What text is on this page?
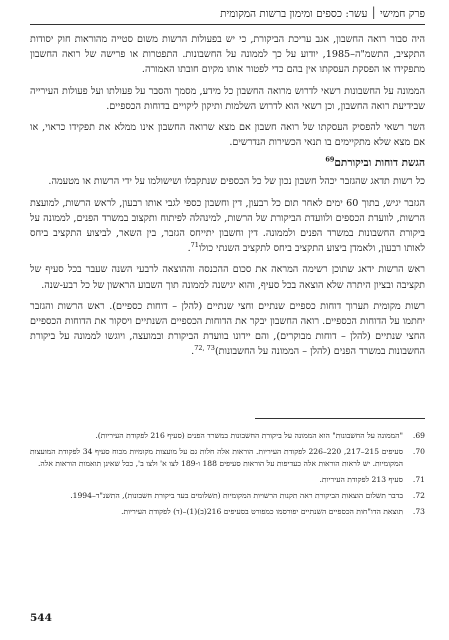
פרק חמישי ׀ עשר: כספים ומימון ברשות המקומית

היה סבור רואה החשבון, אגב עריכת הביקורת, כי יש בפעולות הרשות משום סטייה מהוראות חוק יסודות התקציב, התשמ"ה–1985, יודוע על כך לממונה על החשבונות. התפטרות או פרישה של רואה החשבון מתפקידו או הפסקת העסקתו אין בהם כדי לפטור אותו מקיום חובתו האמורה.

הממונה על החשבונות רשאי לדרוש מרואה החשבון כל מידע, מסמך והסבר על פעולתו ועל פעולות העירייה שבידיעת רואה החשבון, וכן רשאי הוא לדרוש השלמות ותיקון ליקויים בדוחות הכספיים.

השר רשאי להפסיק העסקתו של רואה חשבון אם מצא שרואה החשבון אינו ממלא את תפקידו כראוי, או אם מצא שלא מתקיימים בו תנאי הכשירות הנדרשים.

הגשת דוחות וביקורתם$^{69}$

כל רשות תדאג שהגזבר יכהל חשבון נכון של כל הכספים שנתקבלו ושישולמו על ידי הרשות או מטעמה.

הגזבר יגיש, בתוך 60 ימים לאחר תום כל רבעון, דין וחשבון כספי לגבי אותו רבעון, לראש הרשות, למועצת הרשות, לוועדת הכספים ולוועדת הביקורת של הרשות, למינהלה לפיתוח ותקצוב במשרד הפנים, לממונה על ביקורת החשבונות במשרד הפנים ולממונה. דין וחשבון יתייחס הגזבר, בין השאר, לביצוע התקציב ביחס לאותו רבעון, ולאמדן ביצוע התקציב ביחס לתקציב השנתי כולו$^{71}$.

ראש הרשות ידאג שתוכן רשימה המראה את סכום ההכנסה וההוצאה לרבעי השנה שעבר בכל סעיף של תקציבה ובציון היתרה שלא הוצאה בכל סעיף, והוא יגישנה לממונה תוך השבוע הראשון של כל רבע-שנה.

רשות מקומית תערוך דוחות כספיים שנתיים וחצי שנתיים (להלן – דוחות כספיים). ראש הרשות והגזבר יחתמו על הדוחות הכספיים. רואה החשבון יבקר את הדוחות הכספיים השנתיים ויסקור את הדוחות הכספיים החצי שנתיים (להלן – דוחות מבוקרים), והם יידונו בוועדת הביקורת ובמועצה, ויוגשו לממונה על ביקורת החשבונות במשרד הפנים (להלן – הממונה על החשבונות)$^{73 ,72}$.

69.
"הממונה על החשבונות" הוא הממונה על ביקורת החשבונות במשרד הפנים (סעיף 216 לפקודת העיריות).
70.
סעיפים 215–217, 220–226 לפקודת העיריות. הוראות אלה חלות גם על מועצות מקומיות מכוח סעיף 34 לפקודת המועצות המקומיות. יש לראות הוראות אלה כעדיפות על הוראות סעיפים 188 ו-189 לצו א' ולצו ב', ככל שאינן תואמות הוראות אלה.
71.
סעיף 213 לפקודת העיריות.
72.
בדבר תשלום הוצאות הביקורת ראה תקנות הרשויות המקומיות (תשלומים בעד ביקורת חשבונות), התשנ"ד–1994.
73.
תוצאת הדו"חות הכספיים השנתיים יפורסמו כמפורט בסעיפים 216(ב)(1)–(ד) לפקודת העיריות.
544
